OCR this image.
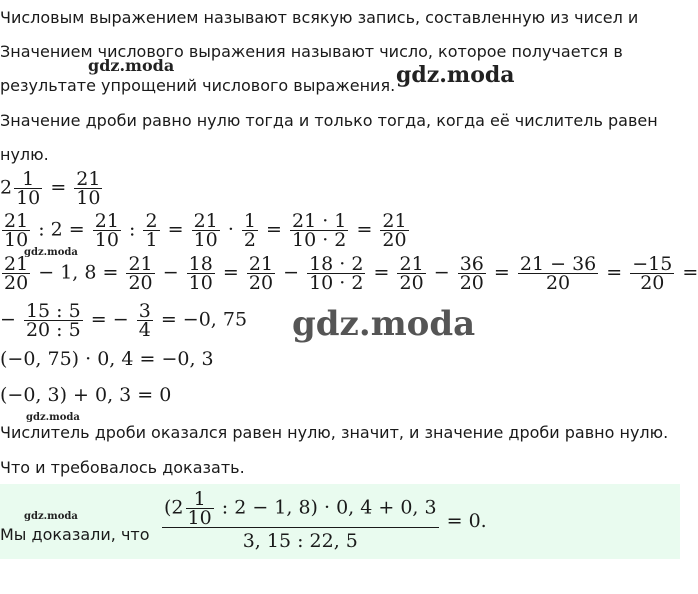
Числовым выражением называют всякую запись, составленную из чисел и
Значением числового выражения называют число, которое получается в
результате упрощений числового выражения.
Значение дроби равно нулю тогда и только тогда, когда её числитель равен
нулю.
$2 \frac{1}{10} = \frac{21}{10}$
$\frac{21}{10}$ : $2 = \frac{21}{10}$ : $\frac{2}{1} = \frac{21}{10} \cdot \frac{1}{2} = \frac{21 \cdot 1}{10 \cdot 2} = \frac{21}{20}$
$\frac{21}{20} - 1$, $8 = \frac{21}{20} - \frac{18}{10} = \frac{21}{20} - \frac{18 \cdot 2}{10 \cdot 2} = \frac{21}{20} - \frac{36}{20} = \frac{21 - 36}{20} = \frac{-15}{20}$ =
− $\frac{15 : 5}{20 : 5}$ = − $\frac{3}{4} = -0$, 75
(−0, 75) · 0, 4 = −0, 3
(−0, 3) + 0, 3 = 0
Числитель дроби оказался равен нулю, значит, и значение дроби равно нулю.
Что и требовалось доказать.
Мы доказали, что $\frac{(2 \frac{1}{10} : 2 - 1, 8) \cdot 0, 4 + 0, 3}{3, 15 : 22, 5} = 0$.
gdz.moda	gdz.moda
gdz.moda
gdz.moda
gdz.moda
gdz.moda
